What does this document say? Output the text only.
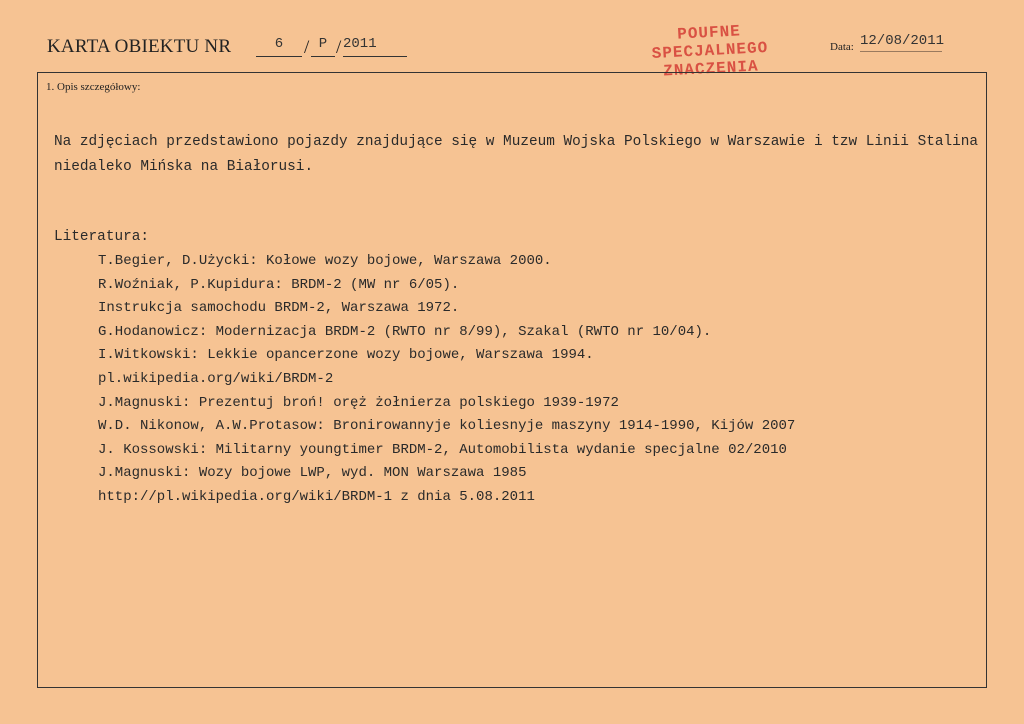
KARTA OBIEKTU NR	6	/ P / 2011
POUFNE
SPECJALNEGO
ZNACZENIA
Data: 12/08/2011
1. Opis szczegółowy:
Na zdjęciach przedstawiono pojazdy znajdujące się w Muzeum Wojska Polskiego w Warszawie i tzw Linii Stalina niedaleko Mińska na Białorusi.
Literatura:
T.Begier, D.Użycki: Kołowe wozy bojowe, Warszawa 2000.
R.Woźniak, P.Kupidura: BRDM-2 (MW nr 6/05).
Instrukcja samochodu BRDM-2, Warszawa 1972.
G.Hodanowicz: Modernizacja BRDM-2 (RWTO nr 8/99), Szakal (RWTO nr 10/04).
I.Witkowski: Lekkie opancerzone wozy bojowe, Warszawa 1994.
pl.wikipedia.org/wiki/BRDM-2
J.Magnuski: Prezentuj broń! oręż żołnierza polskiego 1939-1972
W.D. Nikonow, A.W.Protasow: Bronirowannyje koliesnyje maszyny 1914-1990, Kijów 2007
J. Kossowski: Militarny youngtimer BRDM-2, Automobilista wydanie specjalne 02/2010
J.Magnuski: Wozy bojowe LWP, wyd. MON Warszawa 1985
http://pl.wikipedia.org/wiki/BRDM-1 z dnia 5.08.2011
